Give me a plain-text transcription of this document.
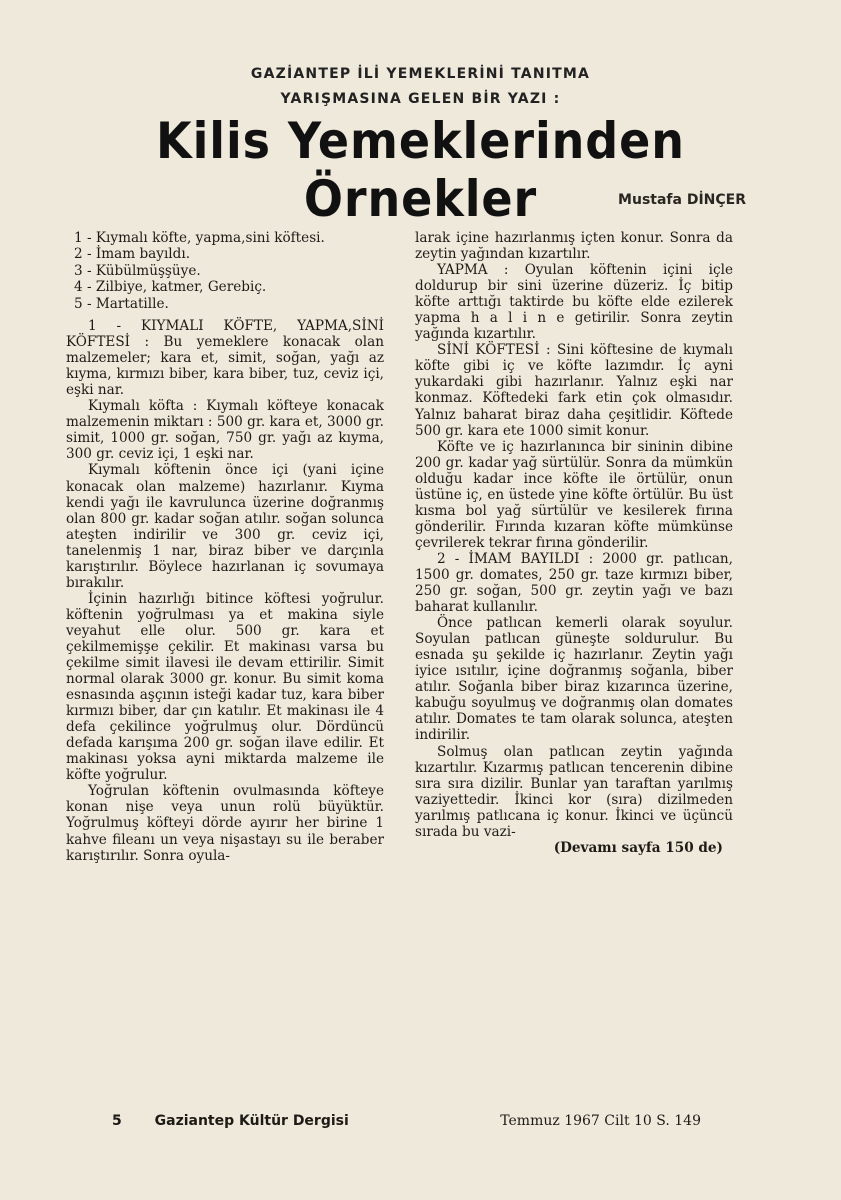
GAZİANTEP İLİ YEMEKLERİNİ TANITMA
YARIŞMASINA GELEN BİR YAZI :
Kilis Yemeklerinden Örnekler	Mustafa DİNÇER
1 - Kıymalı köfte, yapma,sini köftesi.
2 - İmam bayıldı.
3 - Kübülmüşşüye.
4 - Zilbiye, katmer, Gerebiç.
5 - Martatille.

1 - KIYMALI KÖFTE, YAPMA,SİNİ KÖFTESİ : Bu yemeklere konacak olan malzemeler; kara et, simit, soğan, yağı az kıyma, kırmızı biber, kara biber, tuz, ceviz içi, eşki nar.

Kıymalı köfta : Kıymalı köfteye konacak malzemenin miktarı : 500 gr. kara et, 3000 gr. simit, 1000 gr. soğan, 750 gr. yağı az kıyma, 300 gr. ceviz içi, 1 eşki nar.

Kıymalı köftenin önce içi (yani içine konacak olan malzeme) hazırlanır. Kıyma kendi yağı ile kavrulunca üzerine doğranmış olan 800 gr. kadar soğan atılır. soğan solunca ateşten indirilir ve 300 gr. ceviz içi, tanelenmiş 1 nar, biraz biber ve darçınla karıştırılır. Böylece hazırlanan iç sovumaya bırakılır.

İçinin hazırlığı bitince köftesi yoğrulur. köftenin yoğrulması ya et makina siyle veyahut elle olur. 500 gr. kara et çekilmemişşe çekilir. Et makinası varsa bu çekilme simit ilavesi ile devam ettirilir. Simit normal olarak 3000 gr. konur. Bu simit koma esnasında aşçının isteği kadar tuz, kara biber kırmızı biber, dar çın katılır. Et makinası ile 4 defa çekilince yoğrulmuş olur. Dördüncü defada karışıma 200 gr. soğan ilave edilir. Et makinası yoksa ayni miktarda malzeme ile köfte yoğrulur.

Yoğrulan köftenin ovulmasında köfteye konan nişe veya unun rolü büyüktür. Yoğrulmuş köfteyi dörde ayırır her birine 1 kahve fileanı un veya nişastayı su ile beraber karıştırılır. Sonra oyula-

larak içine hazırlanmış içten konur. Sonra da zeytin yağından kızartılır.

YAPMA : Oyulan köftenin içini içle doldurup bir sini üzerine düzeriz. İç bitip köfte arttığı taktirde bu köfte elde ezilerek yapma h a l i n e getirilir. Sonra zeytin yağında kızartılır.

SİNİ KÖFTESİ : Sini köftesine de kıymalı köfte gibi iç ve köfte lazımdır. İç ayni yukardaki gibi hazırlanır. Yalnız eşki nar konmaz. Köftedeki fark etin çok olmasıdır. Yalnız baharat biraz daha çeşitlidir. Köftede 500 gr. kara ete 1000 simit konur.

Köfte ve iç hazırlanınca bir sininin dibine 200 gr. kadar yağ sürtülür. Sonra da mümkün olduğu kadar ince köfte ile örtülür, onun üstüne iç, en üstede yine köfte örtülür. Bu üst kısma bol yağ sürtülür ve kesilerek fırına gönderilir. Fırında kızaran köfte mümkünse çevrilerek tekrar fırına gönderilir.

2 - İMAM BAYILDI : 2000 gr. patlıcan, 1500 gr. domates, 250 gr. taze kırmızı biber, 250 gr. soğan, 500 gr. zeytin yağı ve bazı baharat kullanılır.

Önce patlıcan kemerli olarak soyulur. Soyulan patlıcan güneşte soldurulur. Bu esnada şu şekilde iç hazırlanır. Zeytin yağı iyice ısıtılır, içine doğranmış soğanla, biber atılır. Soğanla biber biraz kızarınca üzerine, kabuğu soyulmuş ve doğranmış olan domates atılır. Domates te tam olarak solunca, ateşten indirilir.

Solmuş olan patlıcan zeytin yağında kızartılır. Kızarmış patlıcan tencerenin dibine sıra sıra dizilir. Bunlar yan taraftan yarılmış vaziyettedir. İkinci kor (sıra) dizilmeden yarılmış patlıcana iç konur. İkinci ve üçüncü sırada bu vazi-

(Devamı sayfa 150 de)

5 Gaziantep Kültür Dergisi	Temmuz 1967 Cilt 10 S. 149
